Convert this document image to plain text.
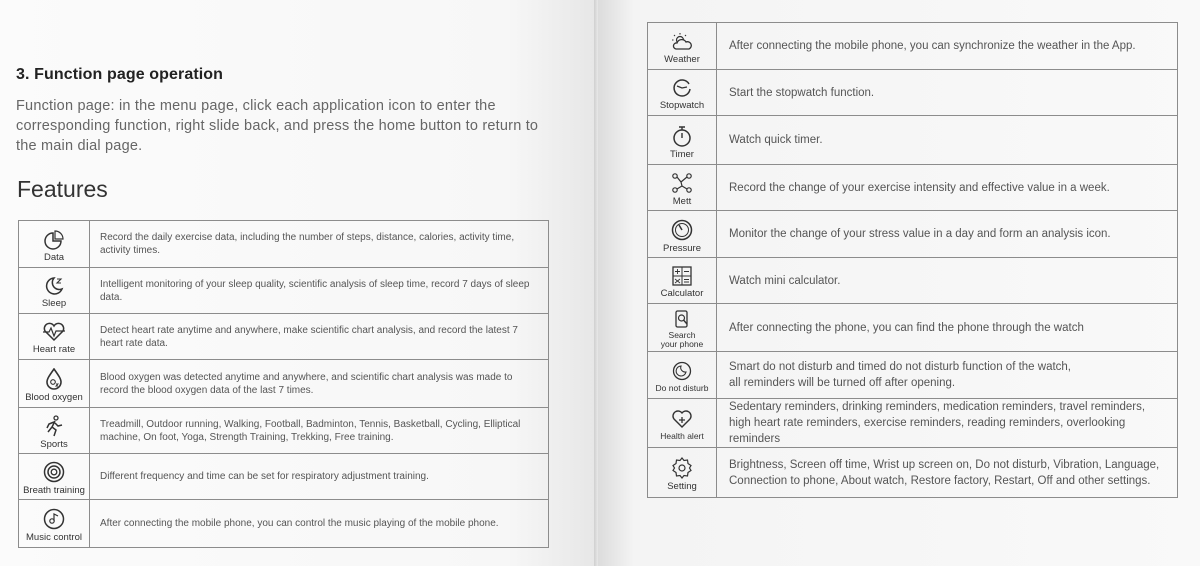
3. Function page operation
Function page: in the menu page, click each application icon to enter the corresponding function, right slide back, and press the home button to return to the main dial page.
Features
Data	Record the daily exercise data, including the number of steps, distance, calories, activity time, activity times.

Sleep	Intelligent monitoring of your sleep quality, scientific analysis of sleep time, record 7 days of sleep data.

Heart rate	Detect heart rate anytime and anywhere, make scientific chart analysis, and record the latest 7 heart rate data.

Blood oxygen	Blood oxygen was detected anytime and anywhere, and scientific chart analysis was made to record the blood oxygen data of the last 7 times.

Sports	Treadmill, Outdoor running, Walking, Football, Badminton, Tennis, Basketball, Cycling, Elliptical machine, On foot, Yoga, Strength Training, Trekking, Free training.

Breath training	Different frequency and time can be set for respiratory adjustment training.

Music control	After connecting the mobile phone, you can control the music playing of the mobile phone.
Weather	After connecting the mobile phone, you can synchronize the weather in the App.

Stopwatch	Start the stopwatch function.

Timer	Watch quick timer.

Mett	Record the change of your exercise intensity and effective value in a week.

Pressure	Monitor the change of your stress value in a day and form an analysis icon.

Calculator	Watch mini calculator.

Search
your phone	After connecting the phone, you can find the phone through the watch

Do not disturb	Smart do not disturb and timed do not disturb function of the watch,
all reminders will be turned off after opening.

Health alert	Sedentary reminders, drinking reminders, medication reminders, travel reminders,
high heart rate reminders, exercise reminders, reading reminders, overlooking reminders

Setting	Brightness, Screen off time, Wrist up screen on, Do not disturb, Vibration, Language,
Connection to phone, About watch, Restore factory, Restart, Off and other settings.
